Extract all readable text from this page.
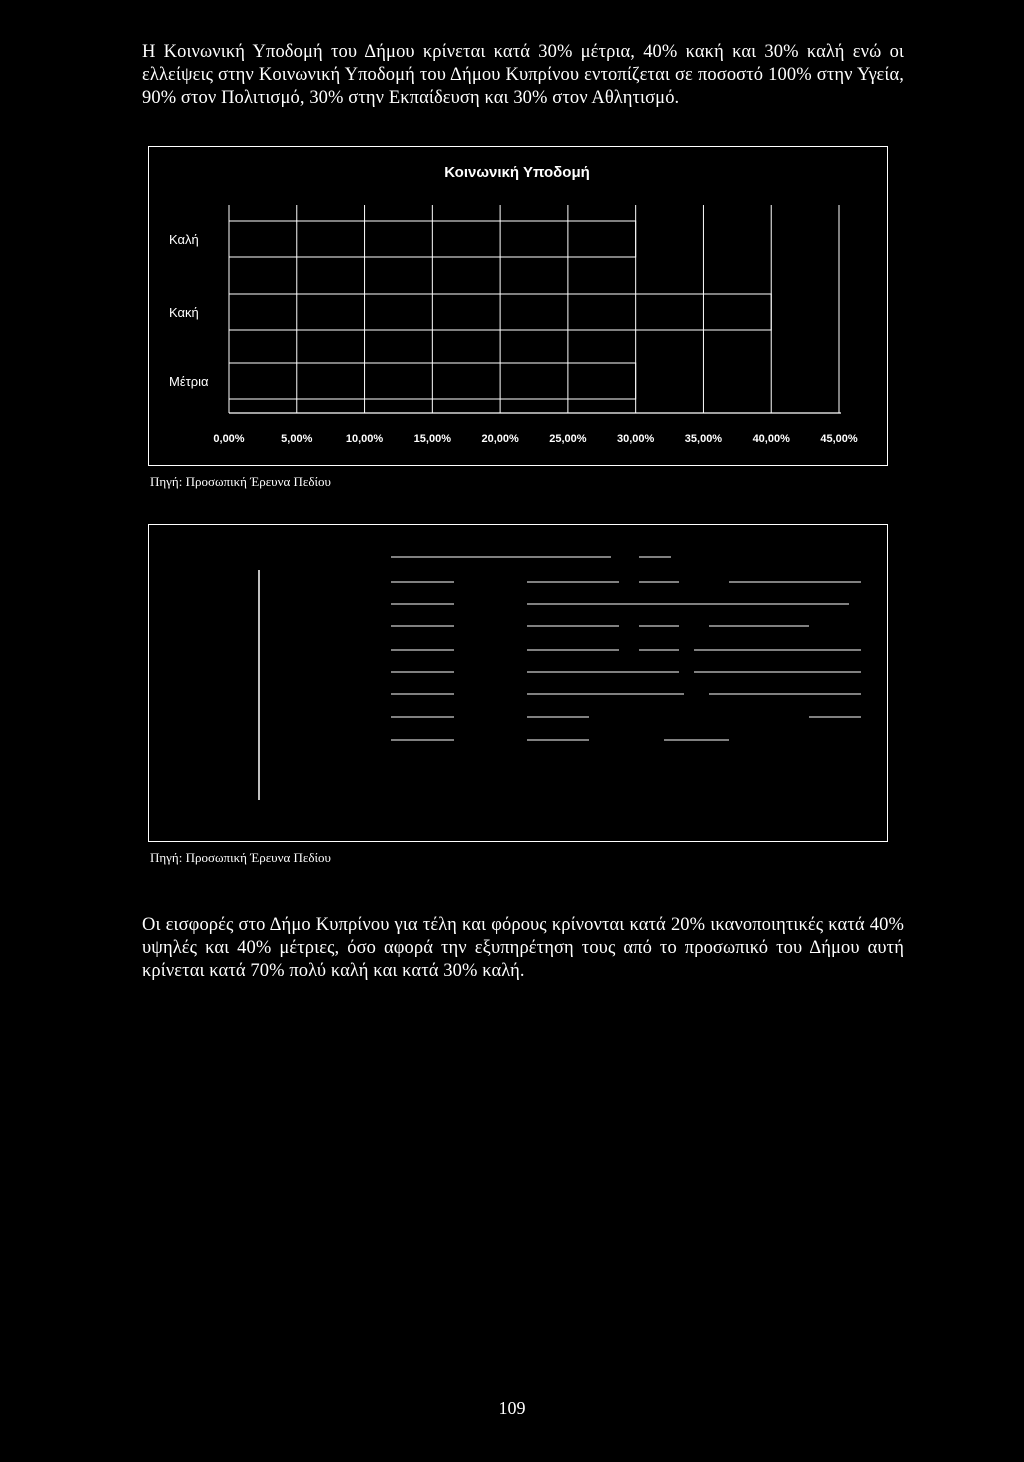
Η Κοινωνική Υποδομή του Δήμου κρίνεται κατά 30% μέτρια, 40% κακή και 30% καλή ενώ οι ελλείψεις στην Κοινωνική Υποδομή του Δήμου Κυπρίνου εντοπίζεται σε ποσοστό 100% στην Υγεία, 90% στον Πολιτισμό, 30% στην Εκπαίδευση και 30% στον Αθλητισμό.
Κοινωνική Υποδομή
0,00%	5,00%	10,00%	15,00%	20,00%	25,00%	30,00%	35,00%	40,00%	45,00%
Καλή
Κακή
Μέτρια
Πηγή: Προσωπική Έρευνα Πεδίου
Πηγή: Προσωπική Έρευνα Πεδίου
Οι εισφορές στο Δήμο Κυπρίνου για τέλη και φόρους κρίνονται κατά 20% ικανοποιητικές κατά 40% υψηλές και 40% μέτριες, όσο αφορά την εξυπηρέτηση τους από το προσωπικό του Δήμου αυτή κρίνεται κατά 70% πολύ καλή και κατά 30% καλή.
109
